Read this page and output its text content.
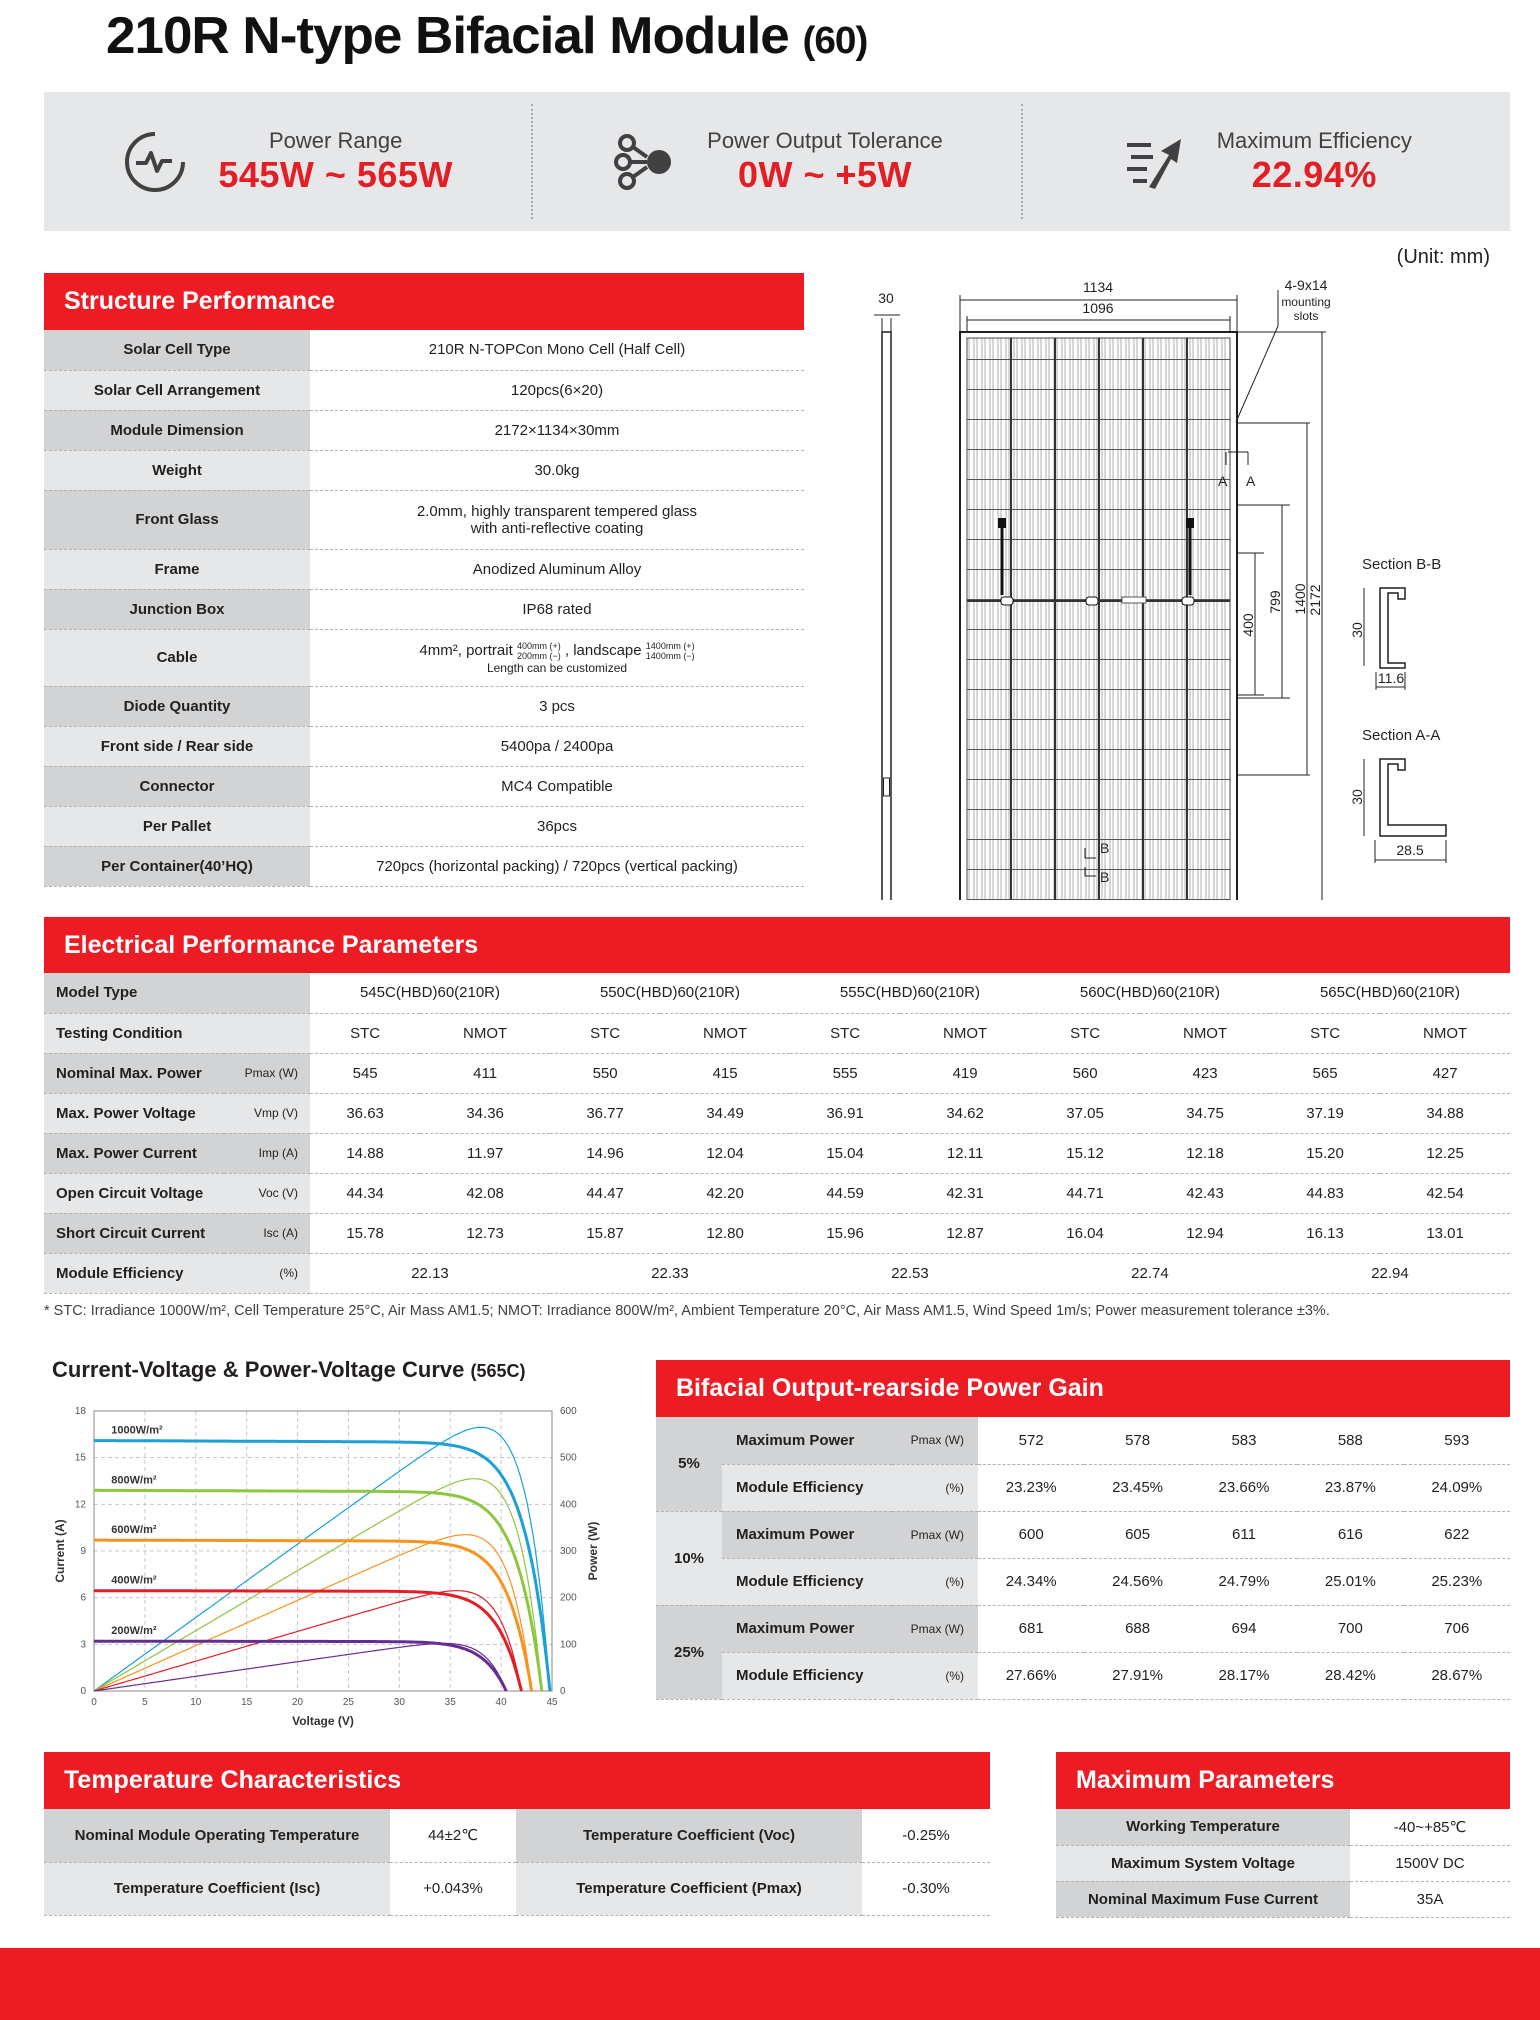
210R N-type Bifacial Module (60)
Power Range
545W ~ 565W
Power Output Tolerance
0W ~ +5W
Maximum Efficiency
22.94%
(Unit: mm)
Structure Performance
Solar Cell Type	210R N-TOPCon Mono Cell (Half Cell)
Solar Cell Arrangement	120pcs(6×20)
Module Dimension	2172×1134×30mm
Weight	30.0kg
Front Glass	2.0mm, highly transparent tempered glass
with anti-reflective coating

Frame	Anodized Aluminum Alloy
Junction Box	IP68 rated
Cable	4mm², portrait 400mm (+)
200mm (−) , landscape 1400mm (+)
1400mm (−)
Length can be customized

Diode Quantity	3 pcs
Front side / Rear side	5400pa / 2400pa
Connector	MC4 Compatible
Per Pallet	36pcs
Per Container(40’HQ)	720pcs (horizontal packing) / 720pcs (vertical packing)
30
1134
1096
4-9x14
mounting
slots
A A
400
799 1400 2172
B
B
Section B-B
30
11.6
Section A-A
30
28.5
Electrical Performance Parameters
Model Type		545C(HBD)60(210R)		550C(HBD)60(210R)		555C(HBD)60(210R)		560C(HBD)60(210R)		565C(HBD)60(210R)	
Testing Condition		STC	NMOT	STC	NMOT	STC	NMOT	STC	NMOT	STC	NMOT
Nominal Max. Power	Pmax (W)	545	411	550	415	555	419	560	423	565	427
Max. Power Voltage	Vmp (V)	36.63	34.36	36.77	34.49	36.91	34.62	37.05	34.75	37.19	34.88
Max. Power Current	Imp (A)	14.88	11.97	14.96	12.04	15.04	12.11	15.12	12.18	15.20	12.25
Open Circuit Voltage	Voc (V)	44.34	42.08	44.47	42.20	44.59	42.31	44.71	42.43	44.83	42.54
Short Circuit Current	Isc (A)	15.78	12.73	15.87	12.80	15.96	12.87	16.04	12.94	16.13	13.01
Module Efficiency	(%)	22.13		22.33		22.53		22.74		22.94	
* STC: Irradiance 1000W/m², Cell Temperature 25°C, Air Mass AM1.5; NMOT: Irradiance 800W/m², Ambient Temperature 20°C, Air Mass AM1.5, Wind Speed 1m/s; Power measurement tolerance ±3%.
Current-Voltage & Power-Voltage Curve (565C)
0	5	10	15	20	25	30	35	40	45
0
3
6
9
12
15
18
0
100
200
300
400
500
600
Voltage (V)
Current (A)	Power (W)
1000W/m²
800W/m²
600W/m²
400W/m²
200W/m²
Bifacial Output-rearside Power Gain
5%	Maximum Power	Pmax (W)	572	578	583	588	593
	Module Efficiency	(%)	23.23%	23.45%	23.66%	23.87%	24.09%
10%	Maximum Power	Pmax (W)	600	605	611	616	622
	Module Efficiency	(%)	24.34%	24.56%	24.79%	25.01%	25.23%
25%	Maximum Power	Pmax (W)	681	688	694	700	706
	Module Efficiency	(%)	27.66%	27.91%	28.17%	28.42%	28.67%
Temperature Characteristics
Nominal Module Operating Temperature	44±2℃	Temperature Coefficient (Voc)	-0.25%
Temperature Coefficient (Isc)	+0.043%	Temperature Coefficient (Pmax)	-0.30%
Maximum Parameters
Working Temperature	-40~+85℃
Maximum System Voltage	1500V DC
Nominal Maximum Fuse Current	35A
